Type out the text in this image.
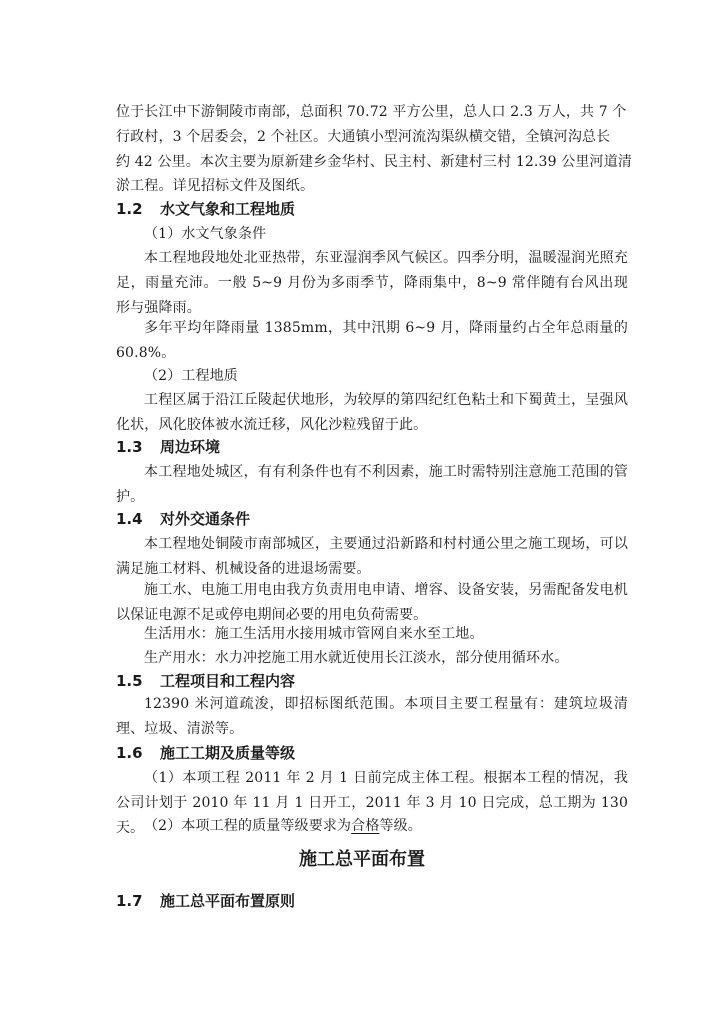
位于长江中下游铜陵市南部，总面积 70.72 平方公里，总人口 2.3 万人，共 7 个
行政村，3 个居委会，2 个社区。大通镇小型河流沟渠纵横交错，全镇河沟总长
约 42 公里。本次主要为原新建乡金华村、民主村、新建村三村 12.39 公里河道清
淤工程。详见招标文件及图纸。
1.2 水文气象和工程地质
（1）水文气象条件
本工程地段地处北亚热带，东亚湿润季风气候区。四季分明，温暖湿润光照充足，雨量充沛。一般 5~9 月份为多雨季节，降雨集中，8~9 常伴随有台风出现形与强降雨。
多年平均年降雨量 1385mm，其中汛期 6~9 月，降雨量约占全年总雨量的 60.8%。
（2）工程地质
工程区属于沿江丘陵起伏地形，为较厚的第四纪红色粘土和下蜀黄土，呈强风化状，风化胶体被水流迁移，风化沙粒残留于此。
1.3 周边环境
本工程地处城区，有有利条件也有不利因素，施工时需特别注意施工范围的管护。
1.4 对外交通条件
本工程地处铜陵市南部城区，主要通过沿新路和村村通公里之施工现场，可以满足施工材料、机械设备的进退场需要。
施工水、电施工用电由我方负责用电申请、增容、设备安装，另需配备发电机以保证电源不足或停电期间必要的用电负荷需要。
生活用水：施工生活用水接用城市管网自来水至工地。
生产用水：水力冲挖施工用水就近使用长江淡水，部分使用循环水。
1.5 工程项目和工程内容
12390 米河道疏浚，即招标图纸范围。本项目主要工程量有：建筑垃圾清理、垃圾、清淤等。
1.6 施工工期及质量等级
（1）本项工程 2011 年 2 月 1 日前完成主体工程。根据本工程的情况，我公司计划于 2010 年 11 月 1 日开工，2011 年 3 月 10 日完成，总工期为 130 天。 （2）本项工程的质量等级要求为合格等级。
施工总平面布置
1.7 施工总平面布置原则
